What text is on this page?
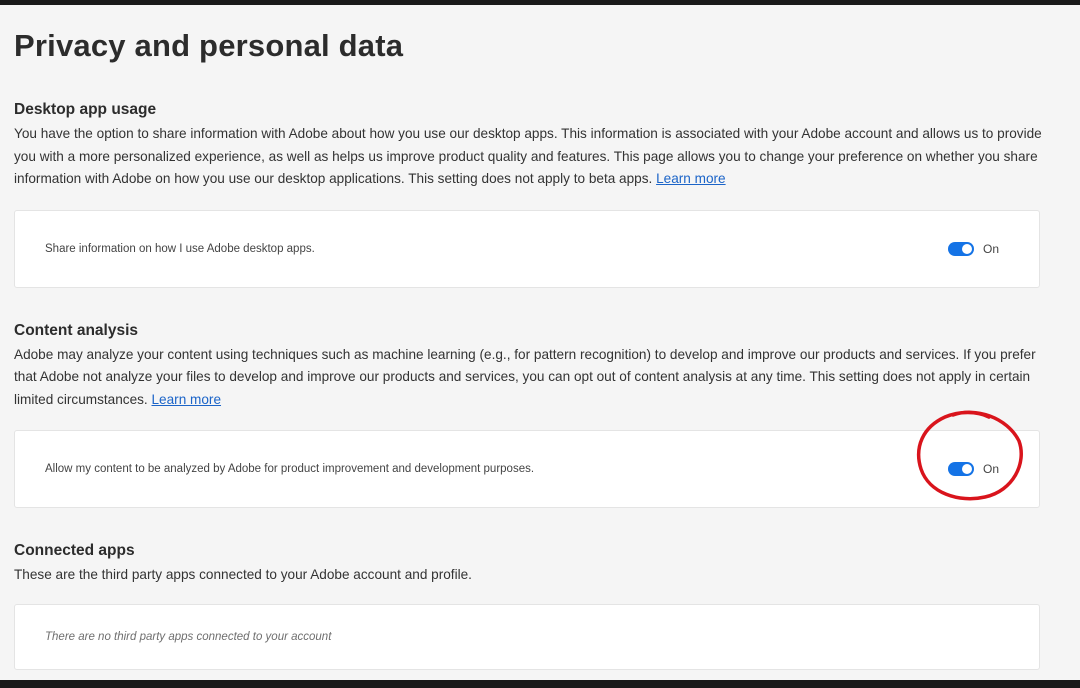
Privacy and personal data
Desktop app usage

You have the option to share information with Adobe about how you use our desktop apps. This information is associated with your Adobe account and allows us to provide you with a more personalized experience, as well as helps us improve product quality and features. This page allows you to change your preference on whether you share information with Adobe on how you use our desktop applications. This setting does not apply to beta apps. Learn more

Share information on how I use Adobe desktop apps.	On
Content analysis

Adobe may analyze your content using techniques such as machine learning (e.g., for pattern recognition) to develop and improve our products and services. If you prefer that Adobe not analyze your files to develop and improve our products and services, you can opt out of content analysis at any time. This setting does not apply in certain limited circumstances. Learn more

Allow my content to be analyzed by Adobe for product improvement and development purposes.	On
Connected apps

These are the third party apps connected to your Adobe account and profile.

There are no third party apps connected to your account
